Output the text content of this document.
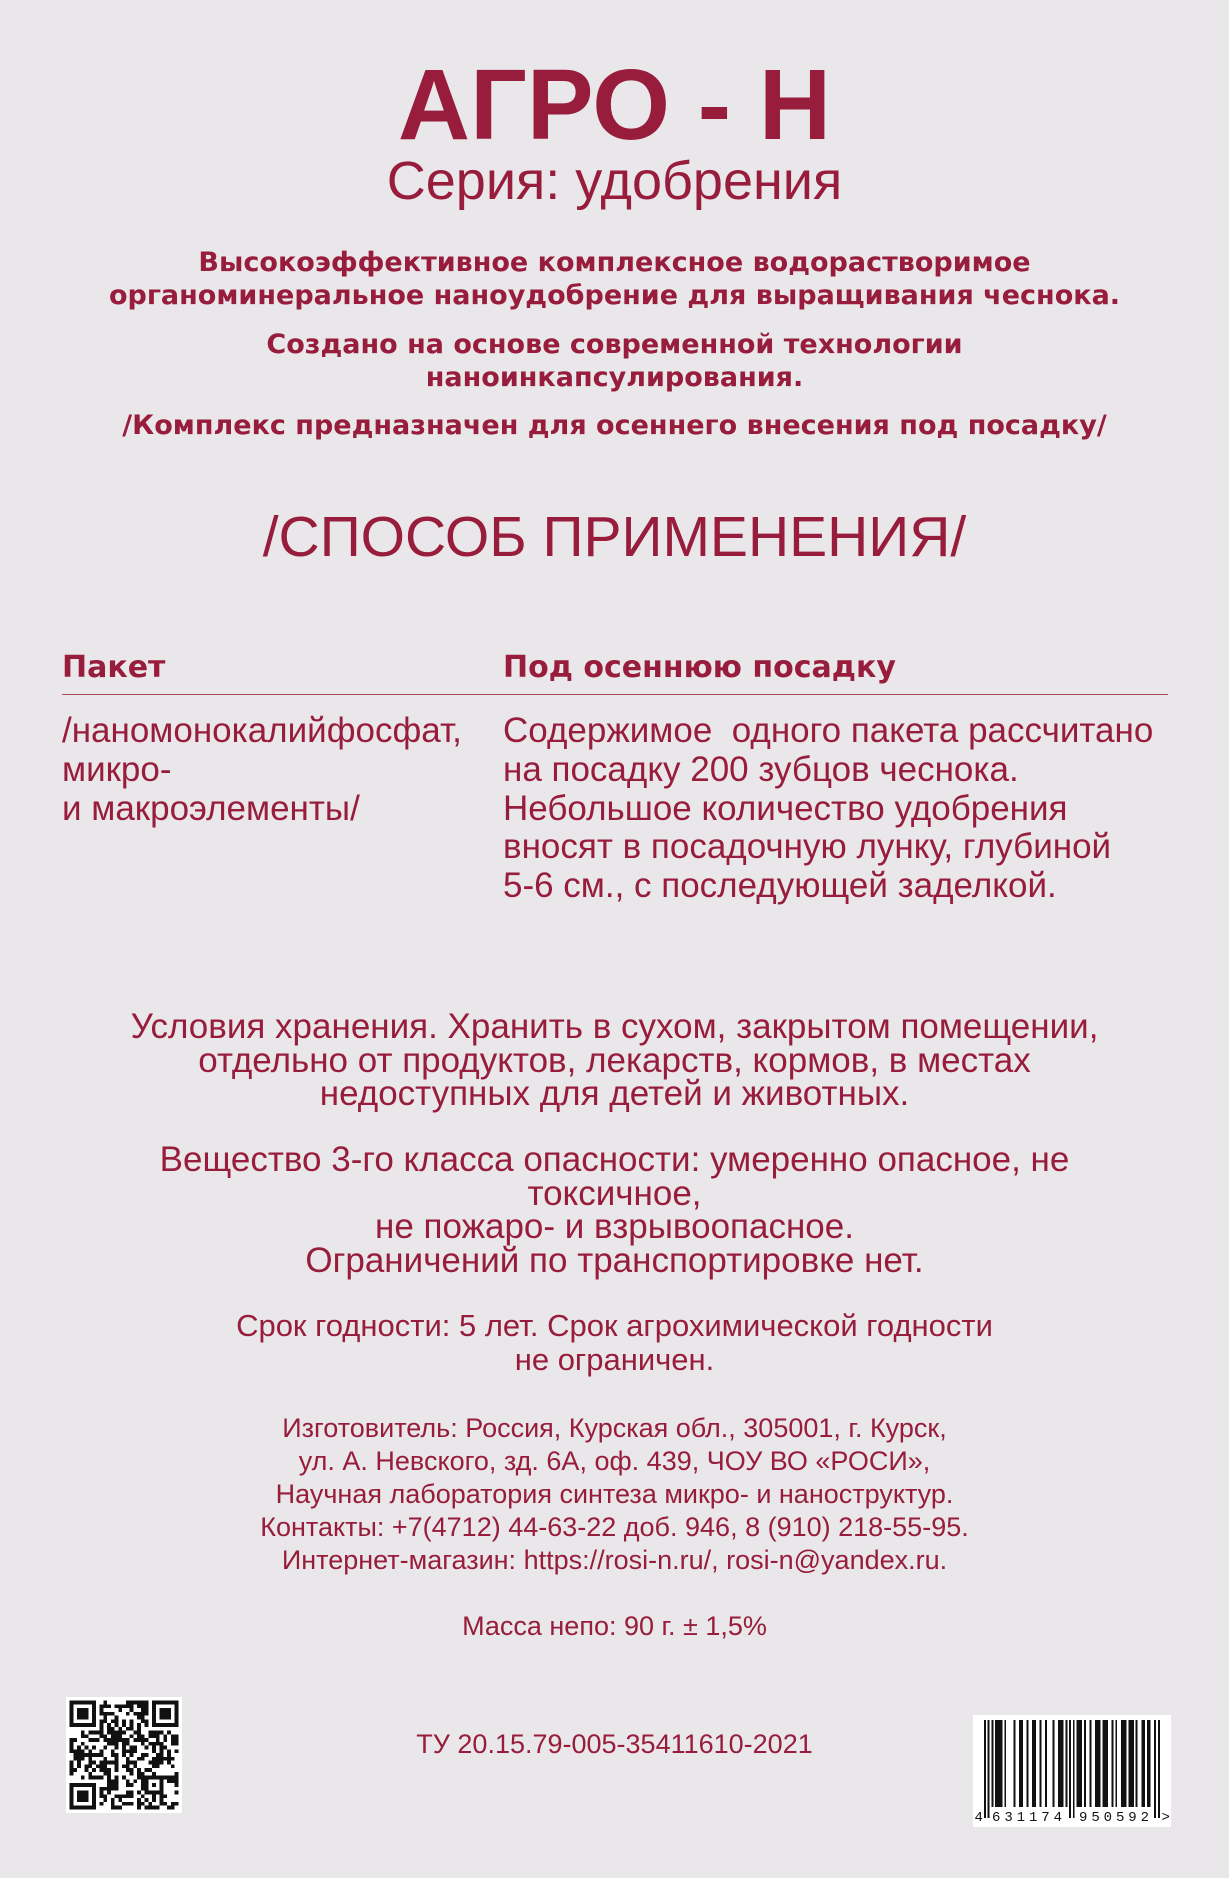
АГРО - Н
Серия: удобрения
Высокоэффективное комплексное водорастворимое
органоминеральное наноудобрение для выращивания чеснока.
Создано на основе современной технологии
наноинкапсулирования.
/Комплекс предназначен для осеннего внесения под посадку/
/СПОСОБ ПРИМЕНЕНИЯ/
Пакет	Под осеннюю посадку
/наномонокалийфосфат,
микро-
и макроэлементы/
Содержимое  одного пакета рассчитано
на посадку 200 зубцов чеснока.
Небольшое количество удобрения
вносят в посадочную лунку, глубиной
5-6 см., с последующей заделкой.
Условия хранения. Хранить в сухом, закрытом помещении,
отдельно от продуктов, лекарств, кормов, в местах
недоступных для детей и животных.
Вещество 3-го класса опасности: умеренно опасное, не
токсичное,
не пожаро- и взрывоопасное.
Ограничений по транспортировке нет.
Срок годности: 5 лет. Срок агрохимической годности
не ограничен.
Изготовитель: Россия, Курская обл., 305001, г. Курск,
ул. А. Невского, зд. 6А, оф. 439, ЧОУ ВО «РОСИ»,
Научная лаборатория синтеза микро- и наноструктур.
Контакты: +7(4712) 44-63-22 доб. 946, 8 (910) 218-55-95.
Интернет-магазин: https://rosi-n.ru/, rosi-n@yandex.ru.
Масса непо: 90 г. ± 1,5%
ТУ 20.15.79-005-35411610-2021
4 631174 950592 >
